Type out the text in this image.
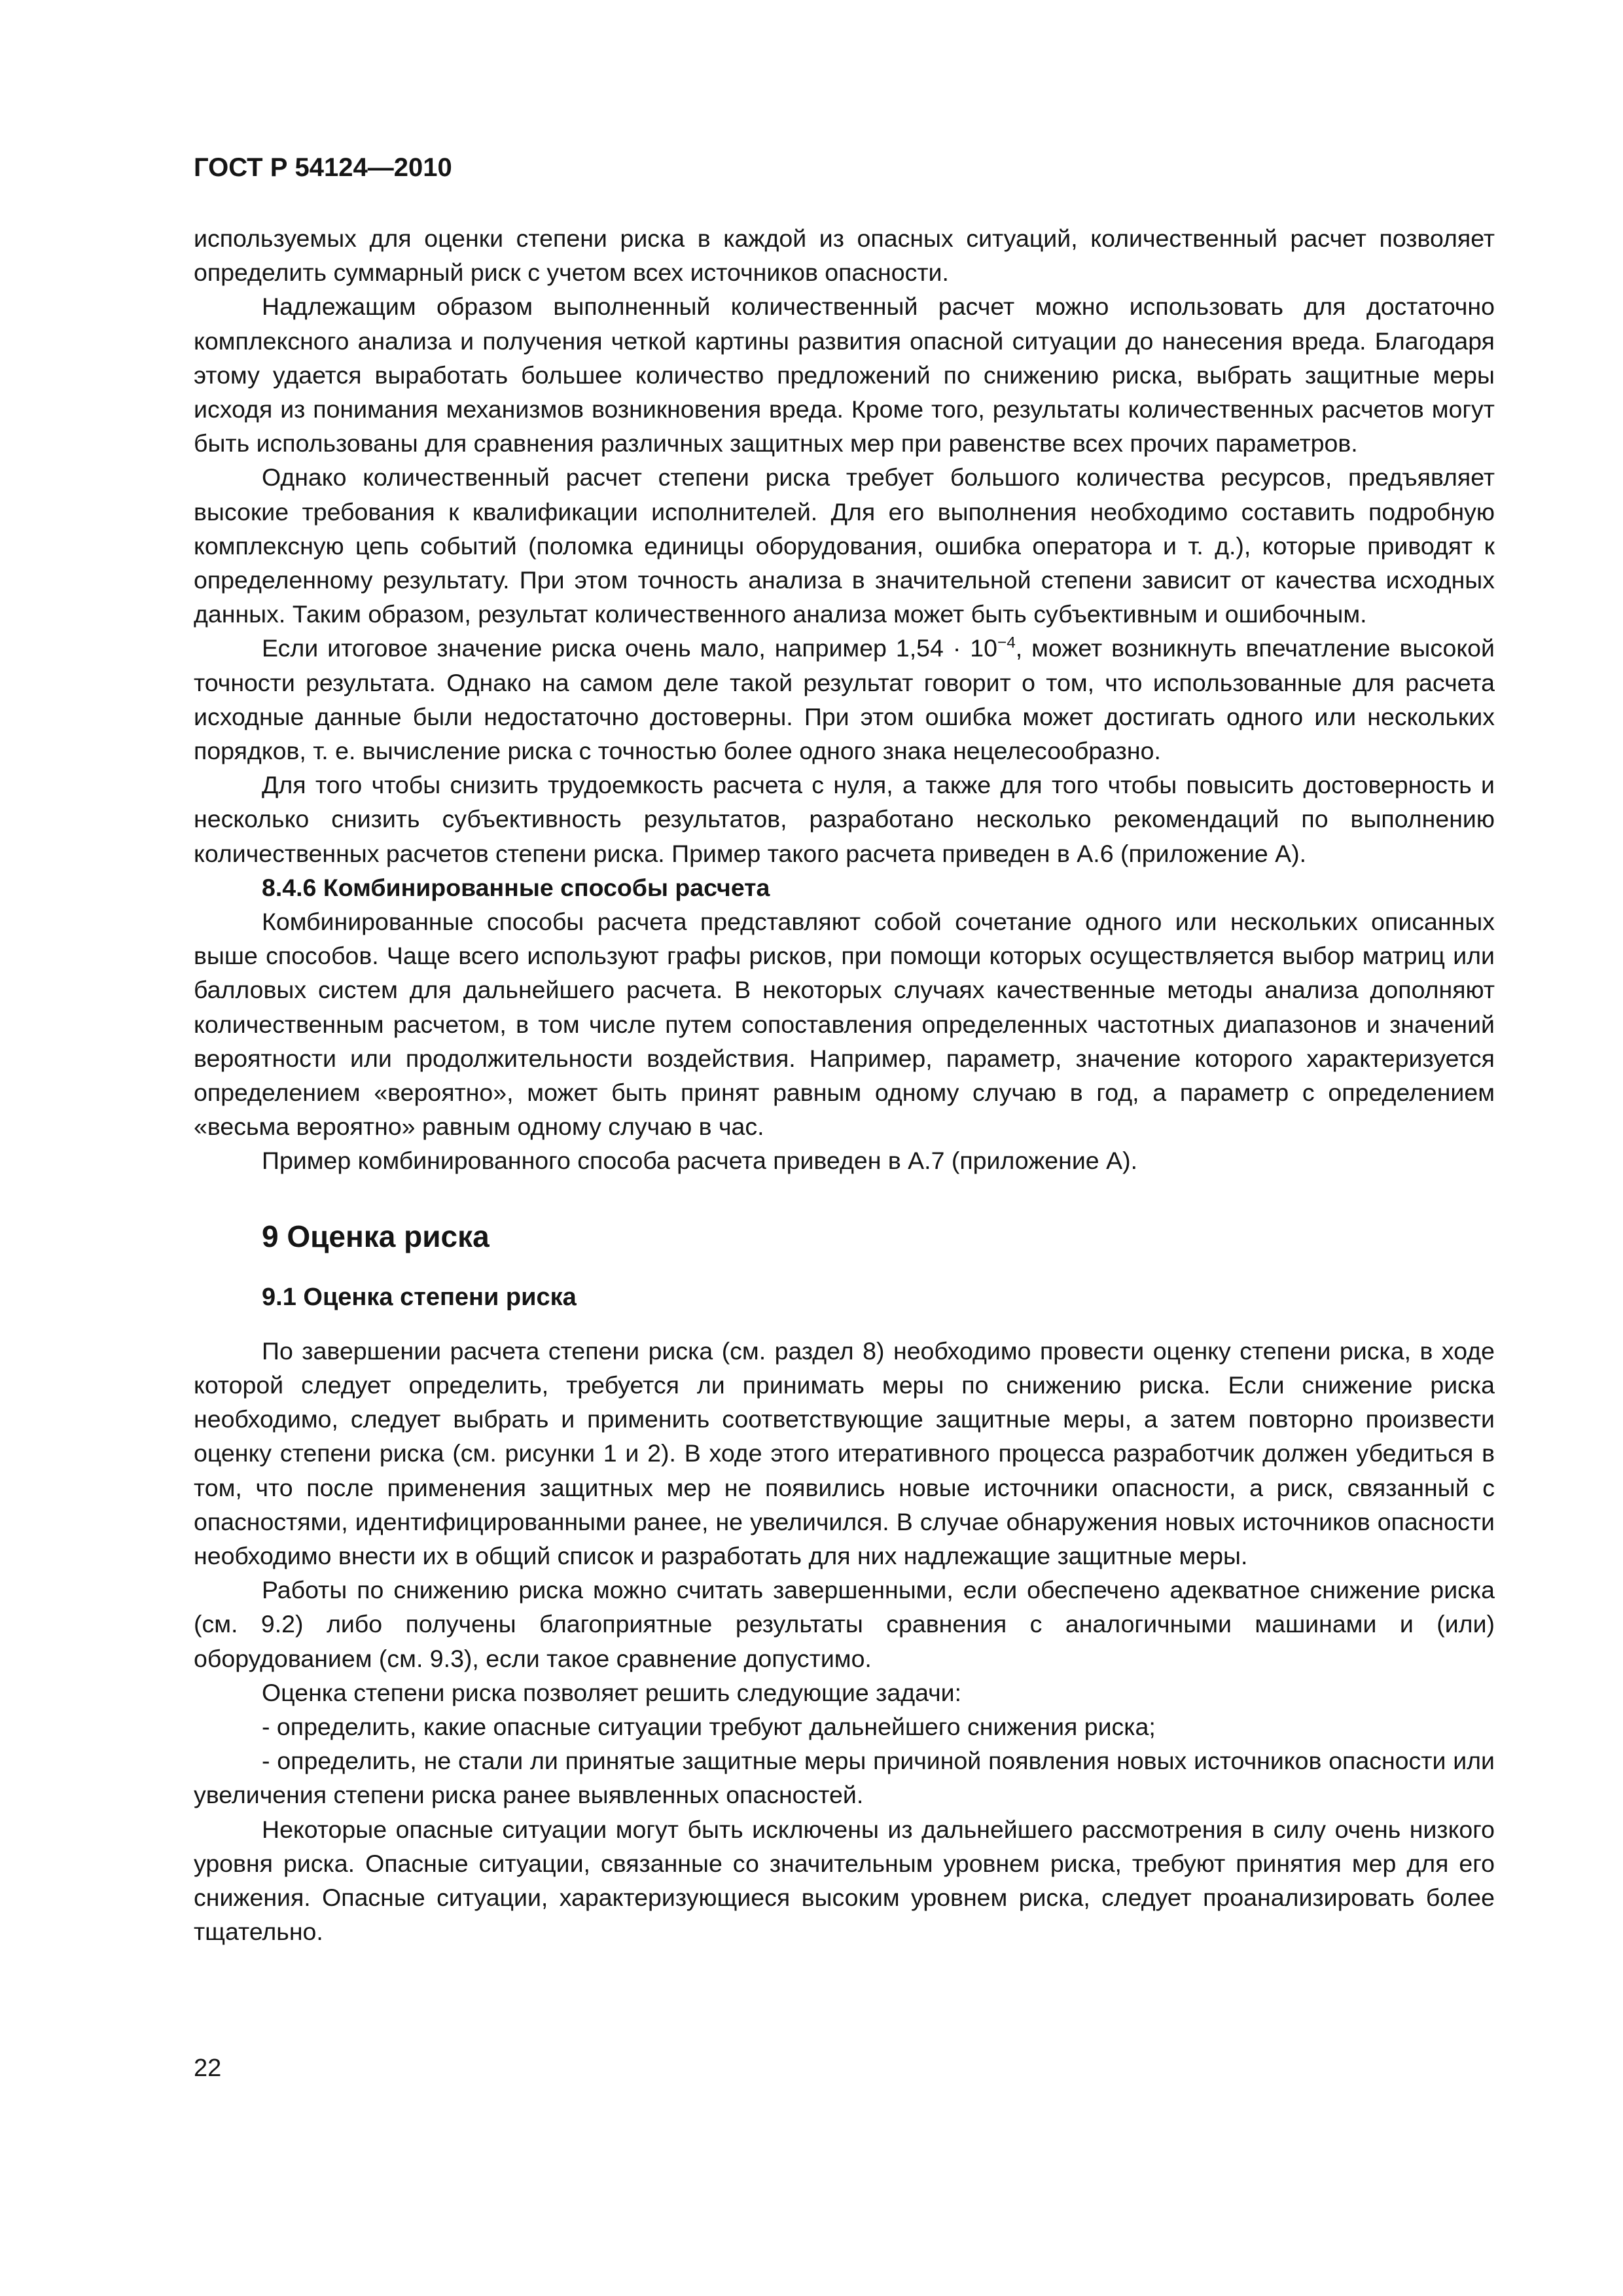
ГОСТ Р 54124—2010

используемых для оценки степени риска в каждой из опасных ситуаций, количественный расчет позволяет определить суммарный риск с учетом всех источников опасности.

Надлежащим образом выполненный количественный расчет можно использовать для достаточно комплексного анализа и получения четкой картины развития опасной ситуации до нанесения вреда. Благодаря этому удается выработать большее количество предложений по снижению риска, выбрать защитные меры исходя из понимания механизмов возникновения вреда. Кроме того, результаты количественных расчетов могут быть использованы для сравнения различных защитных мер при равенстве всех прочих параметров.

Однако количественный расчет степени риска требует большого количества ресурсов, предъявляет высокие требования к квалификации исполнителей. Для его выполнения необходимо составить подробную комплексную цепь событий (поломка единицы оборудования, ошибка оператора и т. д.), которые приводят к определенному результату. При этом точность анализа в значительной степени зависит от качества исходных данных. Таким образом, результат количественного анализа может быть субъективным и ошибочным.

Если итоговое значение риска очень мало, например $1,54 \cdot 10^{-4}$, может возникнуть впечатление высокой точности результата. Однако на самом деле такой результат говорит о том, что использованные для расчета исходные данные были недостаточно достоверны. При этом ошибка может достигать одного или нескольких порядков, т. е. вычисление риска с точностью более одного знака нецелесообразно.

Для того чтобы снизить трудоемкость расчета с нуля, а также для того чтобы повысить достоверность и несколько снизить субъективность результатов, разработано несколько рекомендаций по выполнению количественных расчетов степени риска. Пример такого расчета приведен в А.6 (приложение А).

8.4.6 Комбинированные способы расчета

Комбинированные способы расчета представляют собой сочетание одного или нескольких описанных выше способов. Чаще всего используют графы рисков, при помощи которых осуществляется выбор матриц или балловых систем для дальнейшего расчета. В некоторых случаях качественные методы анализа дополняют количественным расчетом, в том числе путем сопоставления определенных частотных диапазонов и значений вероятности или продолжительности воздействия. Например, параметр, значение которого характеризуется определением «вероятно», может быть принят равным одному случаю в год, а параметр с определением «весьма вероятно» равным одному случаю в час.

Пример комбинированного способа расчета приведен в А.7 (приложение А).

9 Оценка риска
9.1 Оценка степени риска

По завершении расчета степени риска (см. раздел 8) необходимо провести оценку степени риска, в ходе которой следует определить, требуется ли принимать меры по снижению риска. Если снижение риска необходимо, следует выбрать и применить соответствующие защитные меры, а затем повторно произвести оценку степени риска (см. рисунки 1 и 2). В ходе этого итеративного процесса разработчик должен убедиться в том, что после применения защитных мер не появились новые источники опасности, а риск, связанный с опасностями, идентифицированными ранее, не увеличился. В случае обнаружения новых источников опасности необходимо внести их в общий список и разработать для них надлежащие защитные меры.

Работы по снижению риска можно считать завершенными, если обеспечено адекватное снижение риска (см. 9.2) либо получены благоприятные результаты сравнения с аналогичными машинами и (или) оборудованием (см. 9.3), если такое сравнение допустимо.

Оценка степени риска позволяет решить следующие задачи:

- определить, какие опасные ситуации требуют дальнейшего снижения риска;

- определить, не стали ли принятые защитные меры причиной появления новых источников опасности или увеличения степени риска ранее выявленных опасностей.

Некоторые опасные ситуации могут быть исключены из дальнейшего рассмотрения в силу очень низкого уровня риска. Опасные ситуации, связанные со значительным уровнем риска, требуют принятия мер для его снижения. Опасные ситуации, характеризующиеся высоким уровнем риска, следует проанализировать более тщательно.

22
